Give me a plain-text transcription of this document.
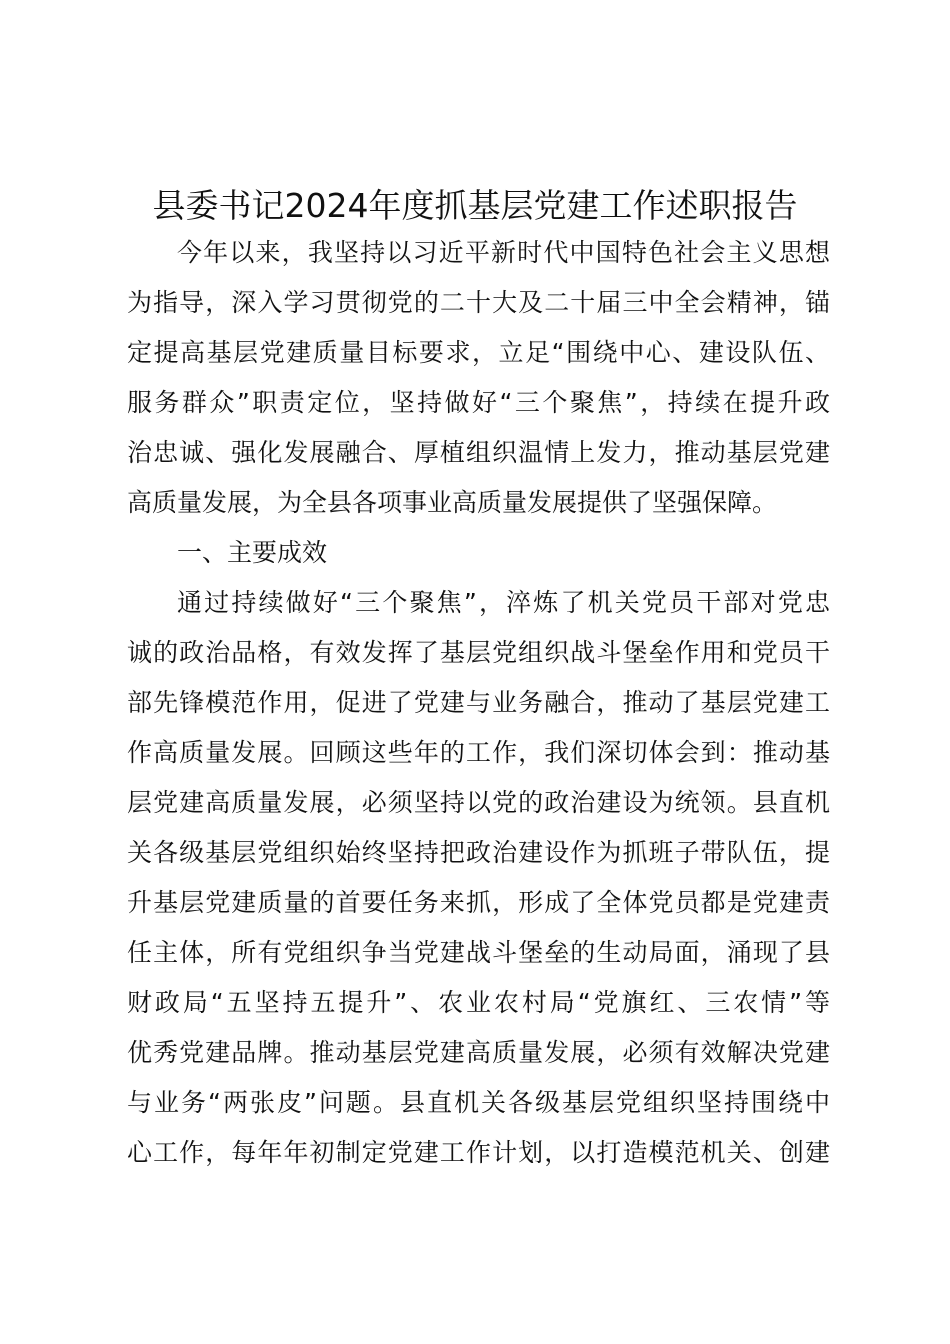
县委书记2024年度抓基层党建工作述职报告
今年以来，我坚持以习近平新时代中国特色社会主义思想
为指导，深入学习贯彻党的二十大及二十届三中全会精神，锚
定提高基层党建质量目标要求，立足“围绕中心、建设队伍、
服务群众”职责定位，坚持做好“三个聚焦”，持续在提升政
治忠诚、强化发展融合、厚植组织温情上发力，推动基层党建
高质量发展，为全县各项事业高质量发展提供了坚强保障。
一、主要成效
通过持续做好“三个聚焦”，淬炼了机关党员干部对党忠
诚的政治品格，有效发挥了基层党组织战斗堡垒作用和党员干
部先锋模范作用，促进了党建与业务融合，推动了基层党建工
作高质量发展。回顾这些年的工作，我们深切体会到：推动基
层党建高质量发展，必须坚持以党的政治建设为统领。县直机
关各级基层党组织始终坚持把政治建设作为抓班子带队伍，提
升基层党建质量的首要任务来抓，形成了全体党员都是党建责
任主体，所有党组织争当党建战斗堡垒的生动局面，涌现了县
财政局“五坚持五提升”、农业农村局“党旗红、三农情”等
优秀党建品牌。推动基层党建高质量发展，必须有效解决党建
与业务“两张皮”问题。县直机关各级基层党组织坚持围绕中
心工作，每年年初制定党建工作计划，以打造模范机关、创建
